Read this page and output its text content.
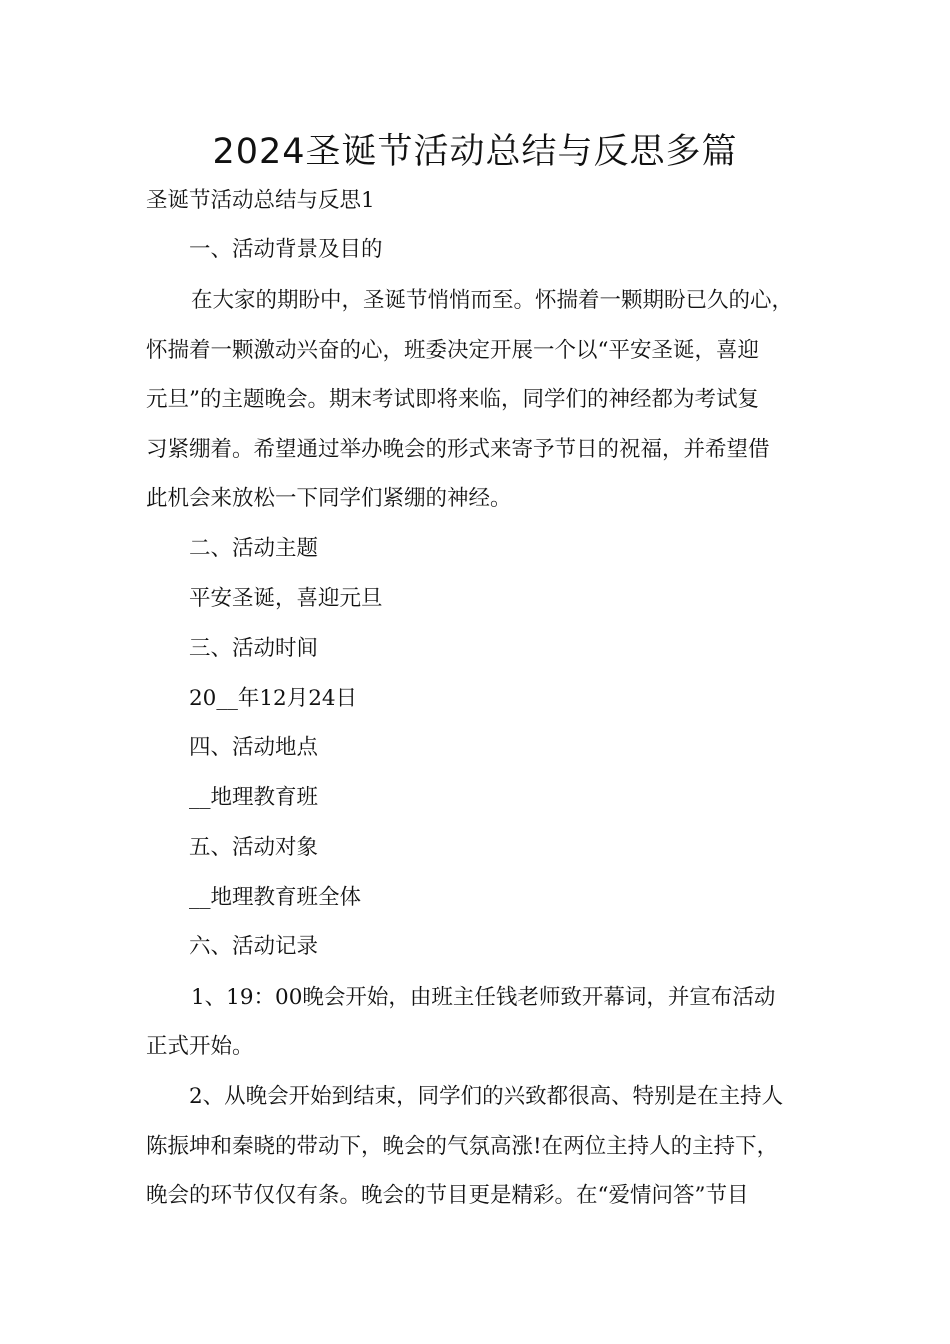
2024圣诞节活动总结与反思多篇

圣诞节活动总结与反思1

一、活动背景及目的

在大家的期盼中，圣诞节悄悄而至。怀揣着一颗期盼已久的心，

怀揣着一颗激动兴奋的心，班委决定开展一个以“平安圣诞，喜迎

元旦”的主题晚会。期末考试即将来临，同学们的神经都为考试复

习紧绷着。希望通过举办晚会的形式来寄予节日的祝福，并希望借

此机会来放松一下同学们紧绷的神经。

二、活动主题

平安圣诞，喜迎元旦

三、活动时间

20__年12月24日

四、活动地点

__地理教育班

五、活动对象

__地理教育班全体

六、活动记录

1、19：00晚会开始，由班主任钱老师致开幕词，并宣布活动

正式开始。

2、从晚会开始到结束，同学们的兴致都很高、特别是在主持人

陈振坤和秦晓的带动下，晚会的气氛高涨!在两位主持人的主持下，

晚会的环节仅仅有条。晚会的节目更是精彩。在“爱情问答”节目
